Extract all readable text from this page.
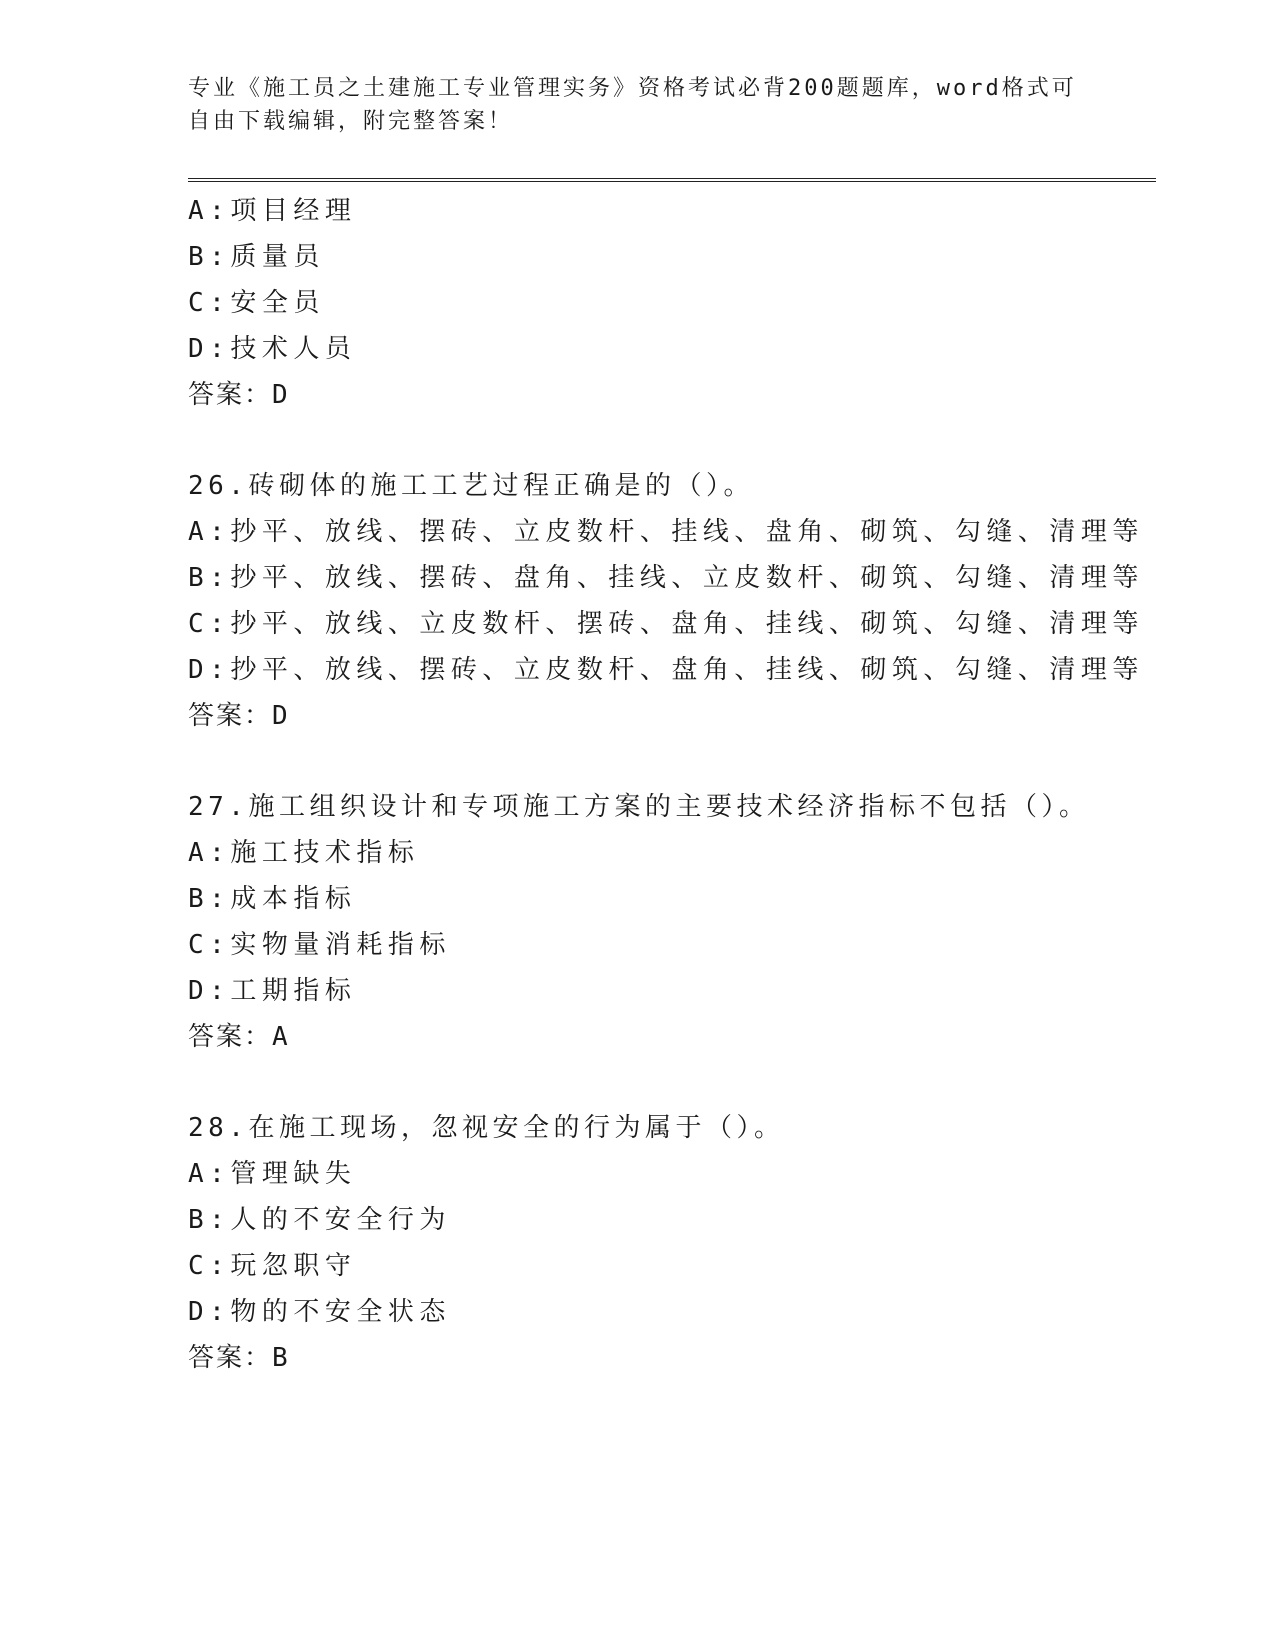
专业《施工员之土建施工专业管理实务》资格考试必背200题题库，word格式可
自由下载编辑，附完整答案！
A:项目经理
B:质量员
C:安全员
D:技术人员
答案：D
26.砖砌体的施工工艺过程正确是的（）。
A:抄平、放线、摆砖、立皮数杆、挂线、盘角、砌筑、勾缝、清理等
B:抄平、放线、摆砖、盘角、挂线、立皮数杆、砌筑、勾缝、清理等
C:抄平、放线、立皮数杆、摆砖、盘角、挂线、砌筑、勾缝、清理等
D:抄平、放线、摆砖、立皮数杆、盘角、挂线、砌筑、勾缝、清理等
答案：D
27.施工组织设计和专项施工方案的主要技术经济指标不包括（）。
A:施工技术指标
B:成本指标
C:实物量消耗指标
D:工期指标
答案：A
28.在施工现场，忽视安全的行为属于（）。
A:管理缺失
B:人的不安全行为
C:玩忽职守
D:物的不安全状态
答案：B
